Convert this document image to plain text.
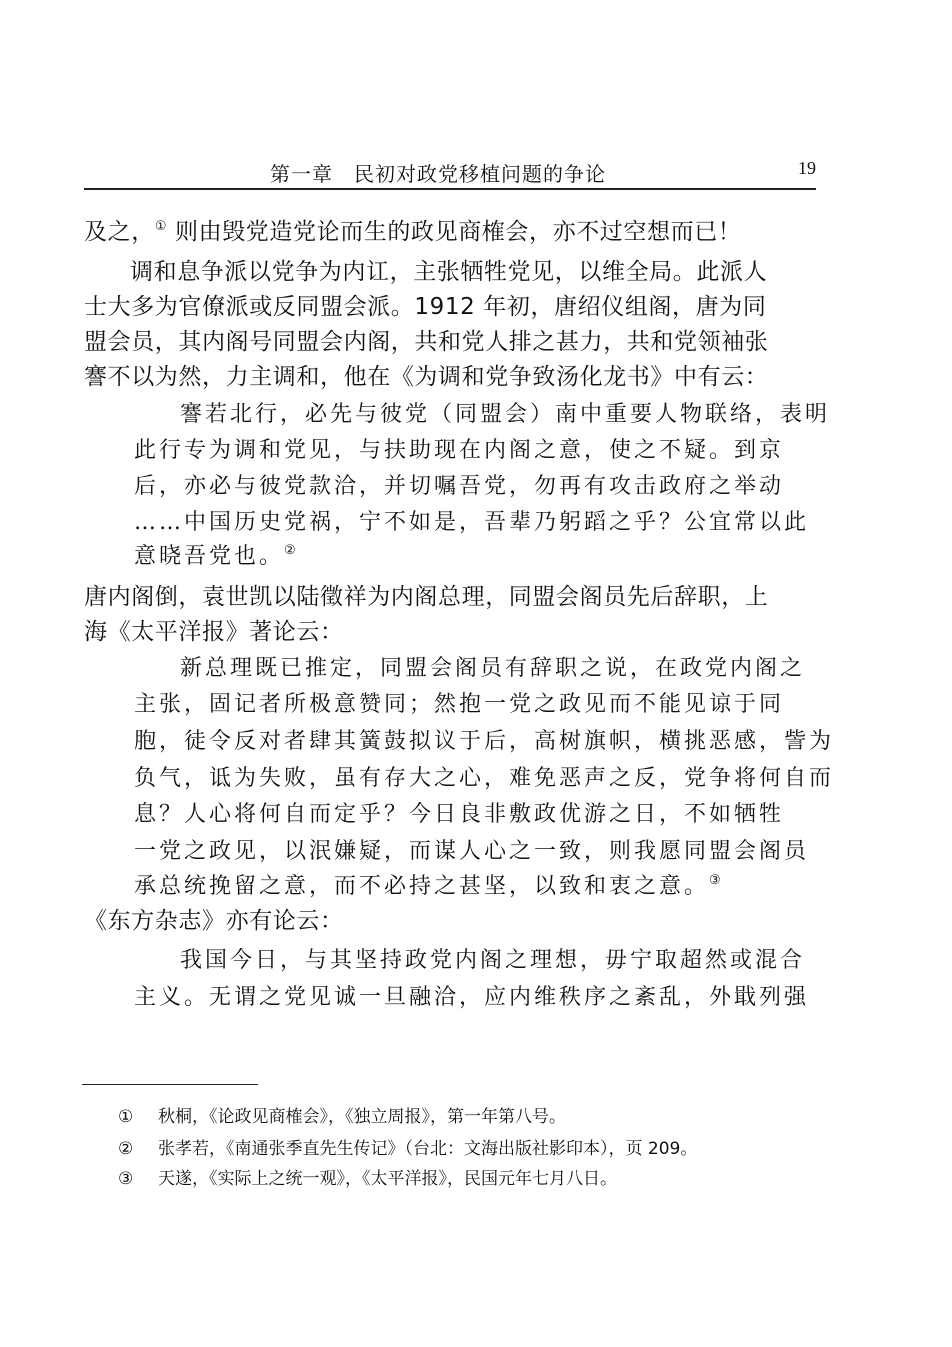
第一章　民初对政党移植问题的争论	19
及之，① 则由毁党造党论而生的政见商榷会，亦不过空想而已！
调和息争派以党争为内讧，主张牺牲党见，以维全局。此派人
士大多为官僚派或反同盟会派。1912 年初，唐绍仪组阁，唐为同
盟会员，其内阁号同盟会内阁，共和党人排之甚力，共和党领袖张
謇不以为然，力主调和，他在《为调和党争致汤化龙书》中有云：
謇若北行，必先与彼党（同盟会）南中重要人物联络，表明
此行专为调和党见，与扶助现在内阁之意，使之不疑。到京
后，亦必与彼党款洽，并切嘱吾党，勿再有攻击政府之举动
……中国历史党祸，宁不如是，吾辈乃躬蹈之乎？公宜常以此
意晓吾党也。②
唐内阁倒，袁世凯以陆徵祥为内阁总理，同盟会阁员先后辞职，上
海《太平洋报》著论云：
新总理既已推定，同盟会阁员有辞职之说，在政党内阁之
主张，固记者所极意赞同；然抱一党之政见而不能见谅于同
胞，徒令反对者肆其簧鼓拟议于后，高树旗帜，横挑恶感，訾为
负气，诋为失败，虽有存大之心，难免恶声之反，党争将何自而
息？人心将何自而定乎？今日良非敷政优游之日，不如牺牲
一党之政见，以泯嫌疑，而谋人心之一致，则我愿同盟会阁员
承总统挽留之意，而不必持之甚坚，以致和衷之意。③
《东方杂志》亦有论云：
我国今日，与其坚持政党内阁之理想，毋宁取超然或混合
主义。无谓之党见诚一旦融洽，应内维秩序之紊乱，外戢列强
① 秋桐，《论政见商榷会》，《独立周报》，第一年第八号。
② 张孝若，《南通张季直先生传记》（台北：文海出版社影印本），页 209。
③ 天遂，《实际上之统一观》，《太平洋报》，民国元年七月八日。
